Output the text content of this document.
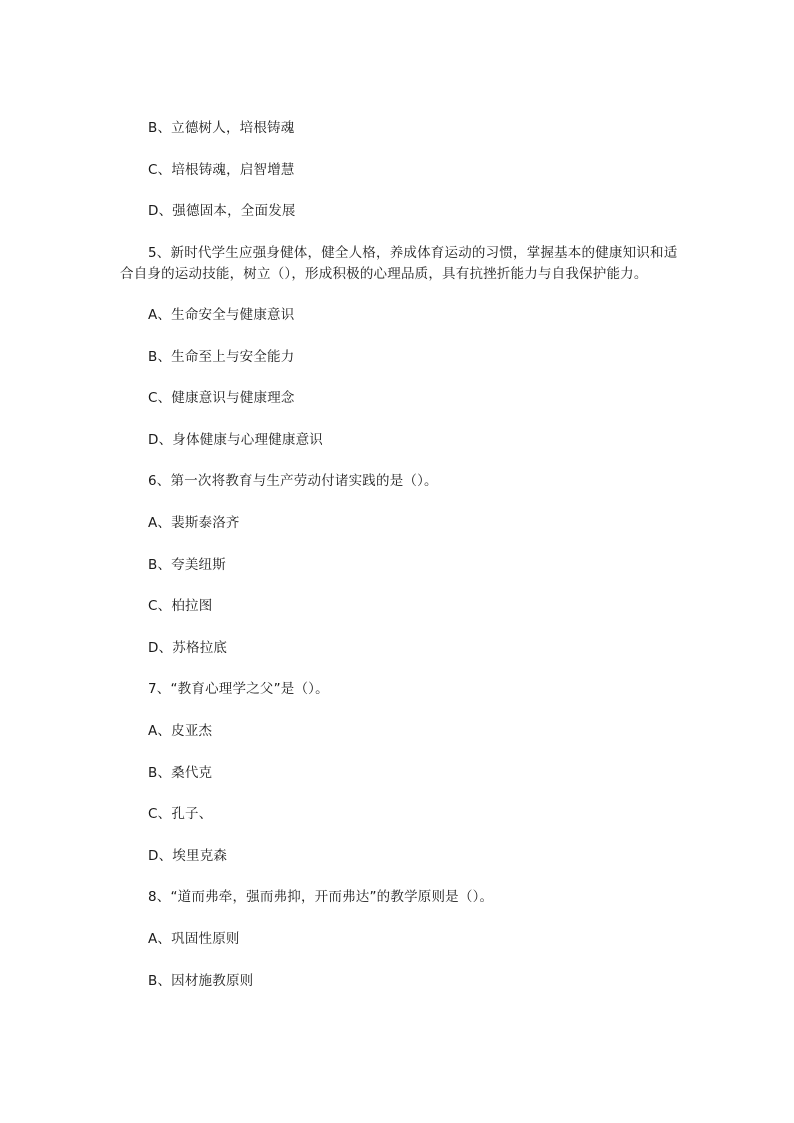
B、立德树人，培根铸魂
C、培根铸魂，启智增慧
D、强德固本，全面发展
5、新时代学生应强身健体，健全人格，养成体育运动的习惯，掌握基本的健康知识和适合自身的运动技能，树立（），形成积极的心理品质，具有抗挫折能力与自我保护能力。
A、生命安全与健康意识
B、生命至上与安全能力
C、健康意识与健康理念
D、身体健康与心理健康意识
6、第一次将教育与生产劳动付诸实践的是（）。
A、裴斯泰洛齐
B、夸美纽斯
C、柏拉图
D、苏格拉底
7、“教育心理学之父”是（）。
A、皮亚杰
B、桑代克
C、孔子、
D、埃里克森
8、“道而弗牵，强而弗抑，开而弗达”的教学原则是（）。
A、巩固性原则
B、因材施教原则
